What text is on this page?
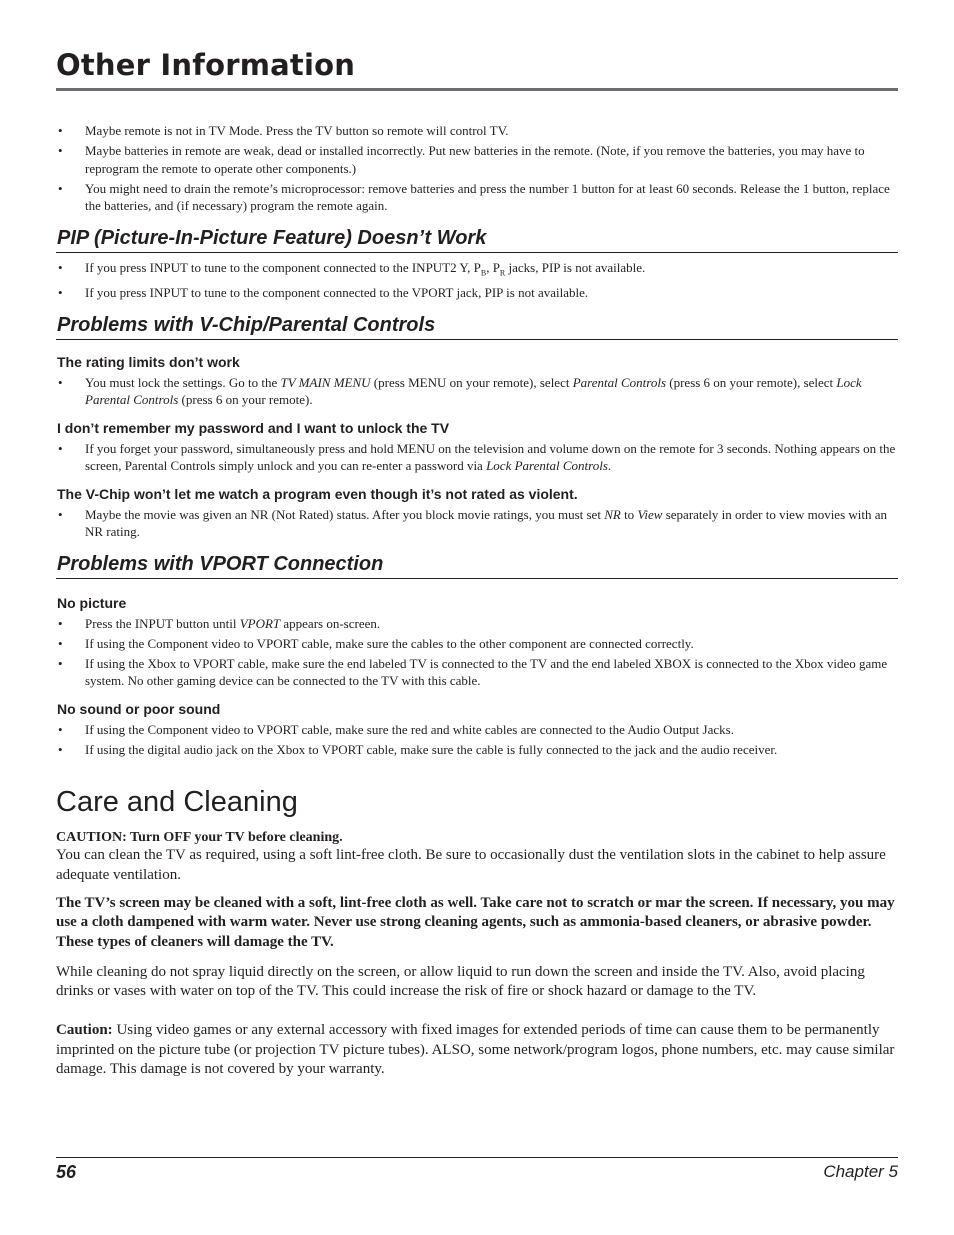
Other Information
• Maybe remote is not in TV Mode. Press the TV button so remote will control TV.
• Maybe batteries in remote are weak, dead or installed incorrectly. Put new batteries in the remote. (Note, if you remove the batteries, you may have to reprogram the remote to operate other components.)
• You might need to drain the remote’s microprocessor: remove batteries and press the number 1 button for at least 60 seconds. Release the 1 button, replace the batteries, and (if necessary) program the remote again.
PIP (Picture-In-Picture Feature) Doesn’t Work
• If you press INPUT to tune to the component connected to the INPUT2 Y, $P_B$, $P_R$ jacks, PIP is not available.
• If you press INPUT to tune to the component connected to the VPORT jack, PIP is not available.
Problems with V-Chip/Parental Controls
The rating limits don’t work
• You must lock the settings. Go to the TV MAIN MENU (press MENU on your remote), select Parental Controls (press 6 on your remote), select Lock Parental Controls (press 6 on your remote).
I don’t remember my password and I want to unlock the TV
• If you forget your password, simultaneously press and hold MENU on the television and volume down on the remote for 3 seconds. Nothing appears on the screen, Parental Controls simply unlock and you can re-enter a password via Lock Parental Controls.
The V-Chip won’t let me watch a program even though it’s not rated as violent.
• Maybe the movie was given an NR (Not Rated) status. After you block movie ratings, you must set NR to View separately in order to view movies with an NR rating.
Problems with VPORT Connection
No picture
• Press the INPUT button until VPORT appears on-screen.
• If using the Component video to VPORT cable, make sure the cables to the other component are connected correctly.
• If using the Xbox to VPORT cable, make sure the end labeled TV is connected to the TV and the end labeled XBOX is connected to the Xbox video game system. No other gaming device can be connected to the TV with this cable.
No sound or poor sound
• If using the Component video to VPORT cable, make sure the red and white cables are connected to the Audio Output Jacks.
• If using the digital audio jack on the Xbox to VPORT cable, make sure the cable is fully connected to the jack and the audio receiver.
Care and Cleaning
CAUTION: Turn OFF your TV before cleaning.

You can clean the TV as required, using a soft lint-free cloth. Be sure to occasionally dust the ventilation slots in the cabinet to help assure adequate ventilation.

The TV’s screen may be cleaned with a soft, lint-free cloth as well. Take care not to scratch or mar the screen. If necessary, you may use a cloth dampened with warm water. Never use strong cleaning agents, such as ammonia-based cleaners, or abrasive powder. These types of cleaners will damage the TV.

While cleaning do not spray liquid directly on the screen, or allow liquid to run down the screen and inside the TV. Also, avoid placing drinks or vases with water on top of the TV. This could increase the risk of fire or shock hazard or damage to the TV.

Caution: Using video games or any external accessory with fixed images for extended periods of time can cause them to be permanently imprinted on the picture tube (or projection TV picture tubes). ALSO, some network/program logos, phone numbers, etc. may cause similar damage. This damage is not covered by your warranty.

56	Chapter 5
